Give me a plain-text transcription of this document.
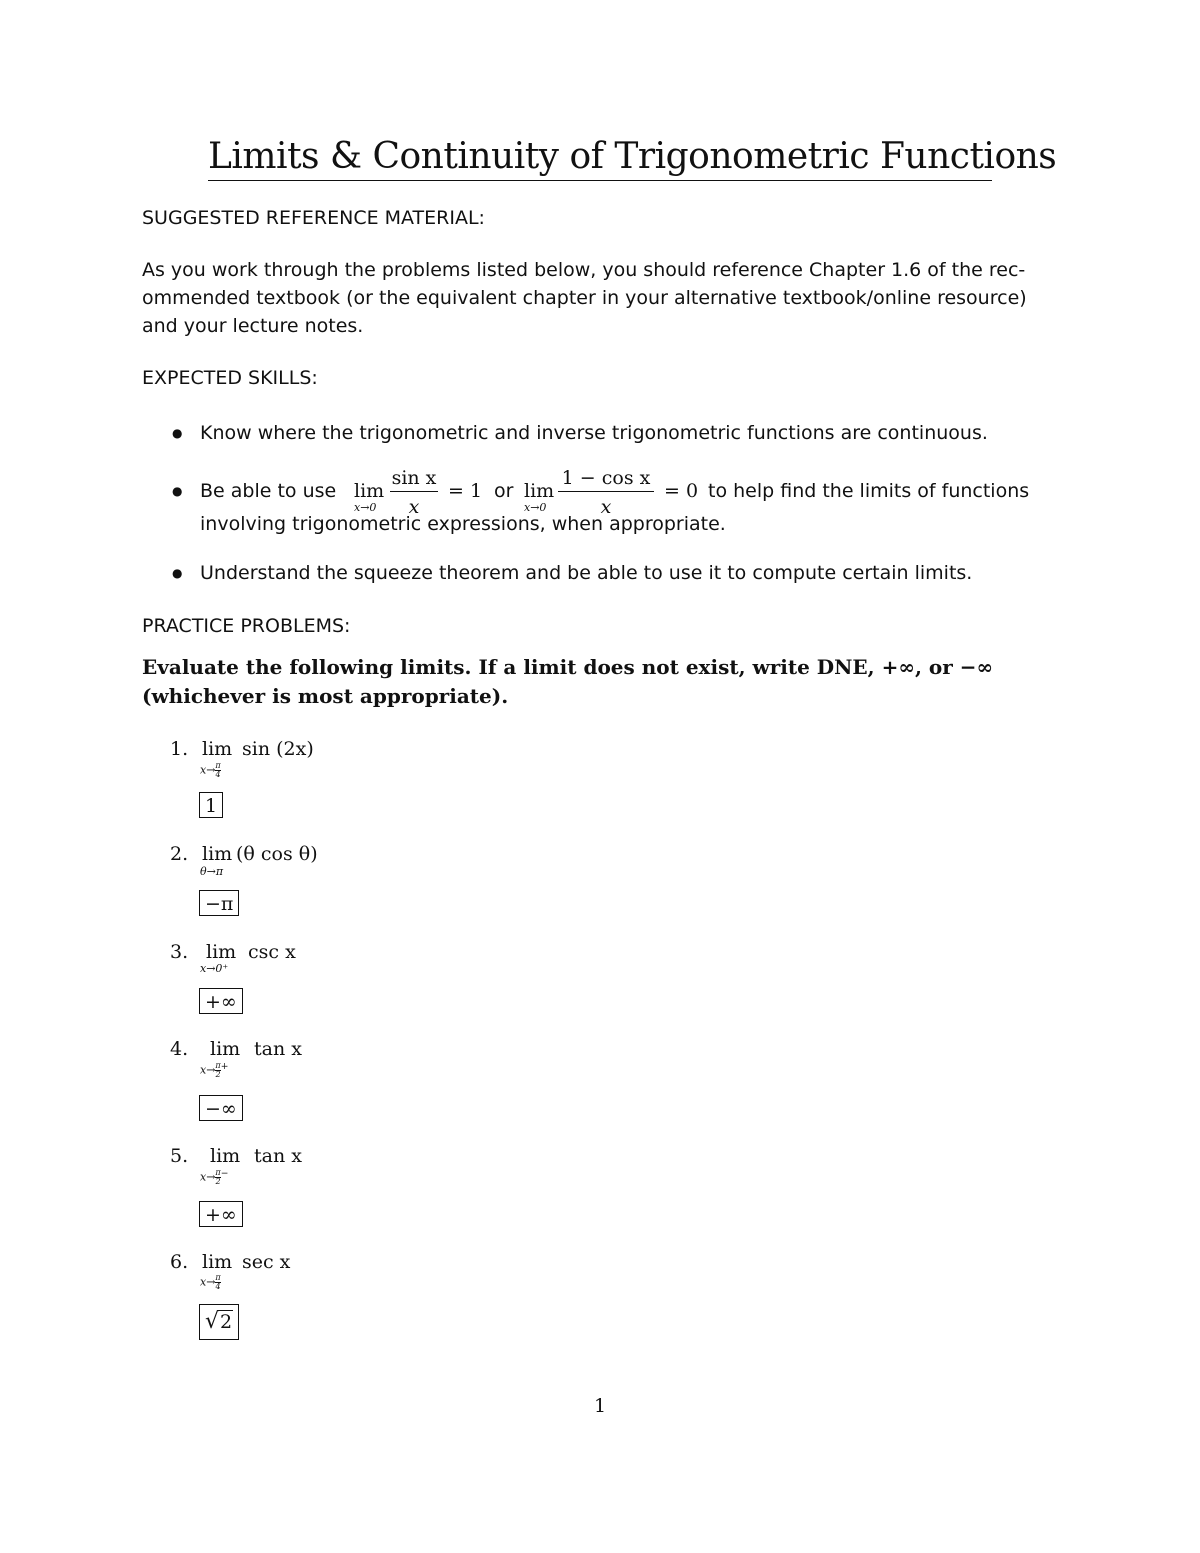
Limits & Continuity of Trigonometric Functions
SUGGESTED REFERENCE MATERIAL:
As you work through the problems listed below, you should reference Chapter 1.6 of the rec-
ommended textbook (or the equivalent chapter in your alternative textbook/online resource)
and your lecture notes.
EXPECTED SKILLS:
● Know where the trigonometric and inverse trigonometric functions are continuous.
● Be able to use lim
x→0
sin x
x
= 1 or lim
x→0
1 − cos x
x
= 0 to help find the limits of functions
involving trigonometric expressions, when appropriate.
● Understand the squeeze theorem and be able to use it to compute certain limits.
PRACTICE PROBLEMS:
Evaluate the following limits. If a limit does not exist, write DNE, +∞, or −∞
(whichever is most appropriate).
1. lim
$x\to \frac{\pi}{4}$
sin (2x)
1
2. lim
θ→π
(θ cos θ)
−π
3. lim
x→0⁺
csc x
+∞
4. lim
$x\to \frac{\pi}{2}^+$
tan x
−∞
5. lim
$x\to \frac{\pi}{2}^-$
tan x
+∞
6. lim
$x\to \frac{\pi}{4}$
sec x
√2
1
